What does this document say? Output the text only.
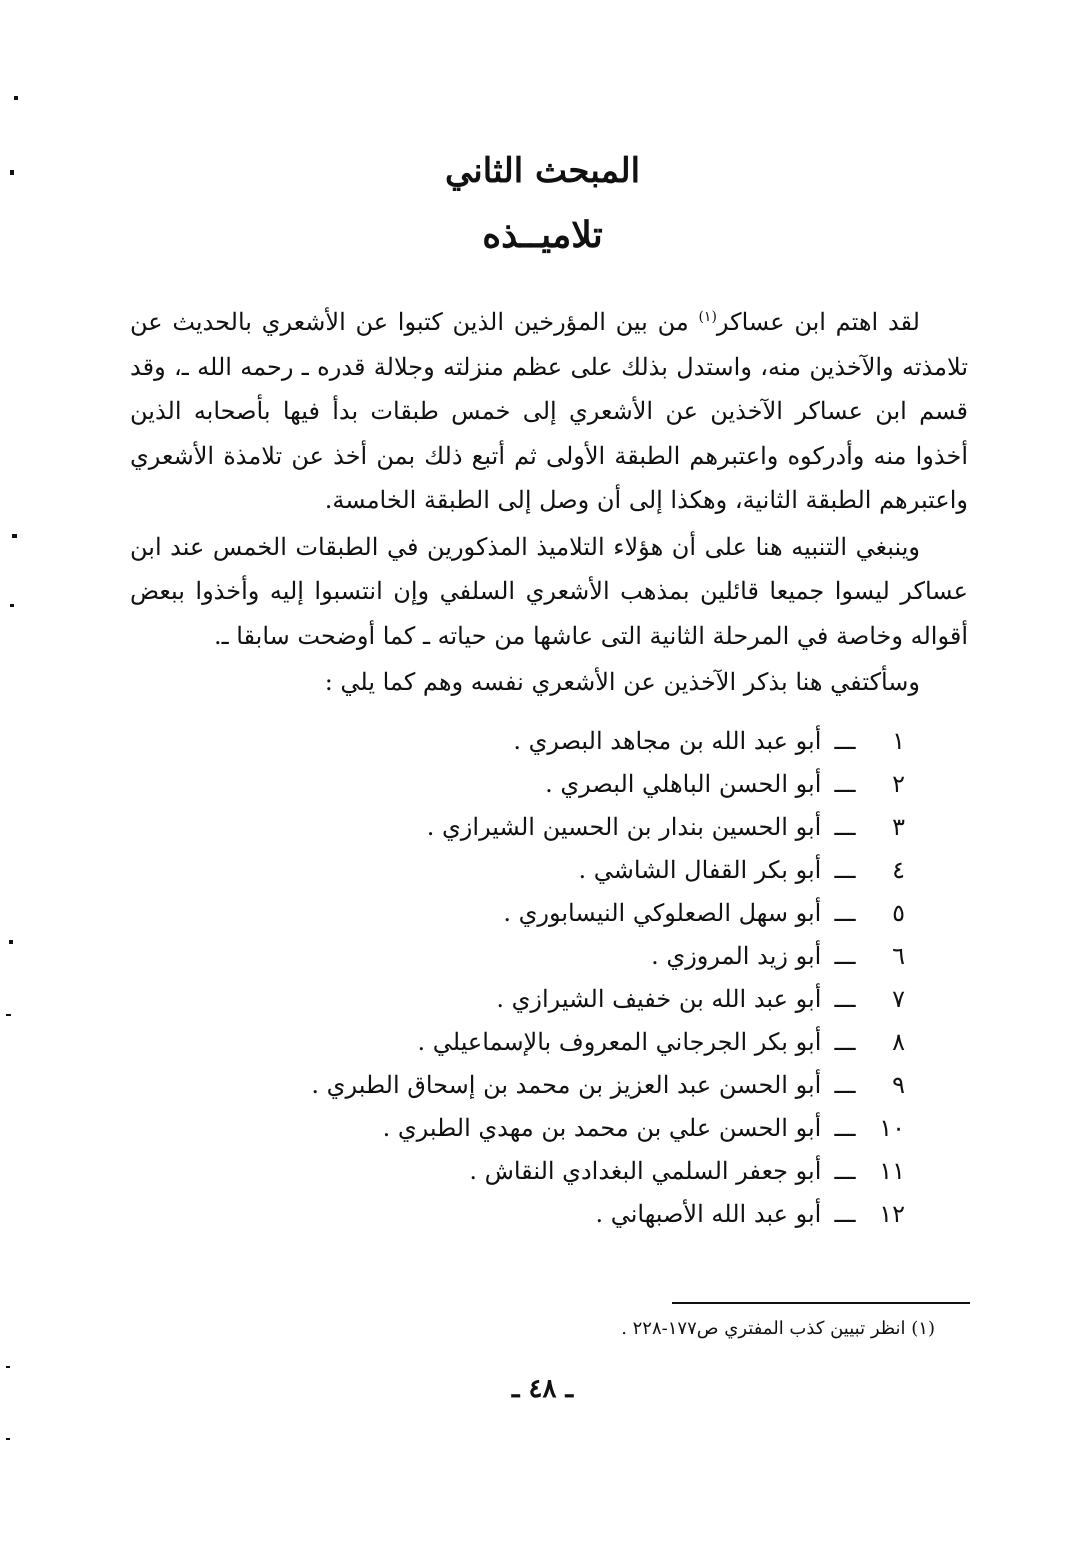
المبحث الثاني
تلاميــذه

لقد اهتم ابن عساكر$^{(١)}$ من بين المؤرخين الذين كتبوا عن الأشعري بالحديث عن تلامذته والآخذين منه، واستدل بذلك على عظم منزلته وجلالة قدره ـ رحمه الله ـ، وقد قسم ابن عساكر الآخذين عن الأشعري إلى خمس طبقات بدأ فيها بأصحابه الذين أخذوا منه وأدركوه واعتبرهم الطبقة الأولى ثم أتبع ذلك بمن أخذ عن تلامذة الأشعري واعتبرهم الطبقة الثانية، وهكذا إلى أن وصل إلى الطبقة الخامسة.

وينبغي التنبيه هنا على أن هؤلاء التلاميذ المذكورين في الطبقات الخمس عند ابن عساكر ليسوا جميعا قائلين بمذهب الأشعري السلفي وإن انتسبوا إليه وأخذوا ببعض أقواله وخاصة في المرحلة الثانية التى عاشها من حياته ـ كما أوضحت سابقا ـ.

وسأكتفي هنا بذكر الآخذين عن الأشعري نفسه وهم كما يلي :

١ـــ أبو عبد الله بن مجاهد البصري .
٢ـــ أبو الحسن الباهلي البصري .
٣ـــ أبو الحسين بندار بن الحسين الشيرازي .
٤ـــ أبو بكر القفال الشاشي .
٥ـــ أبو سهل الصعلوكي النيسابوري .
٦ـــ أبو زيد المروزي .
٧ـــ أبو عبد الله بن خفيف الشيرازي .
٨ـــ أبو بكر الجرجاني المعروف بالإسماعيلي .
٩ـــ أبو الحسن عبد العزيز بن محمد بن إسحاق الطبري .
١٠ـــ أبو الحسن علي بن محمد بن مهدي الطبري .
١١ـــ أبو جعفر السلمي البغدادي النقاش .
١٢ـــ أبو عبد الله الأصبهاني .
(١) انظر تبيين كذب المفتري ص١٧٧-٢٢٨ .
ـ ٤٨ ـ
